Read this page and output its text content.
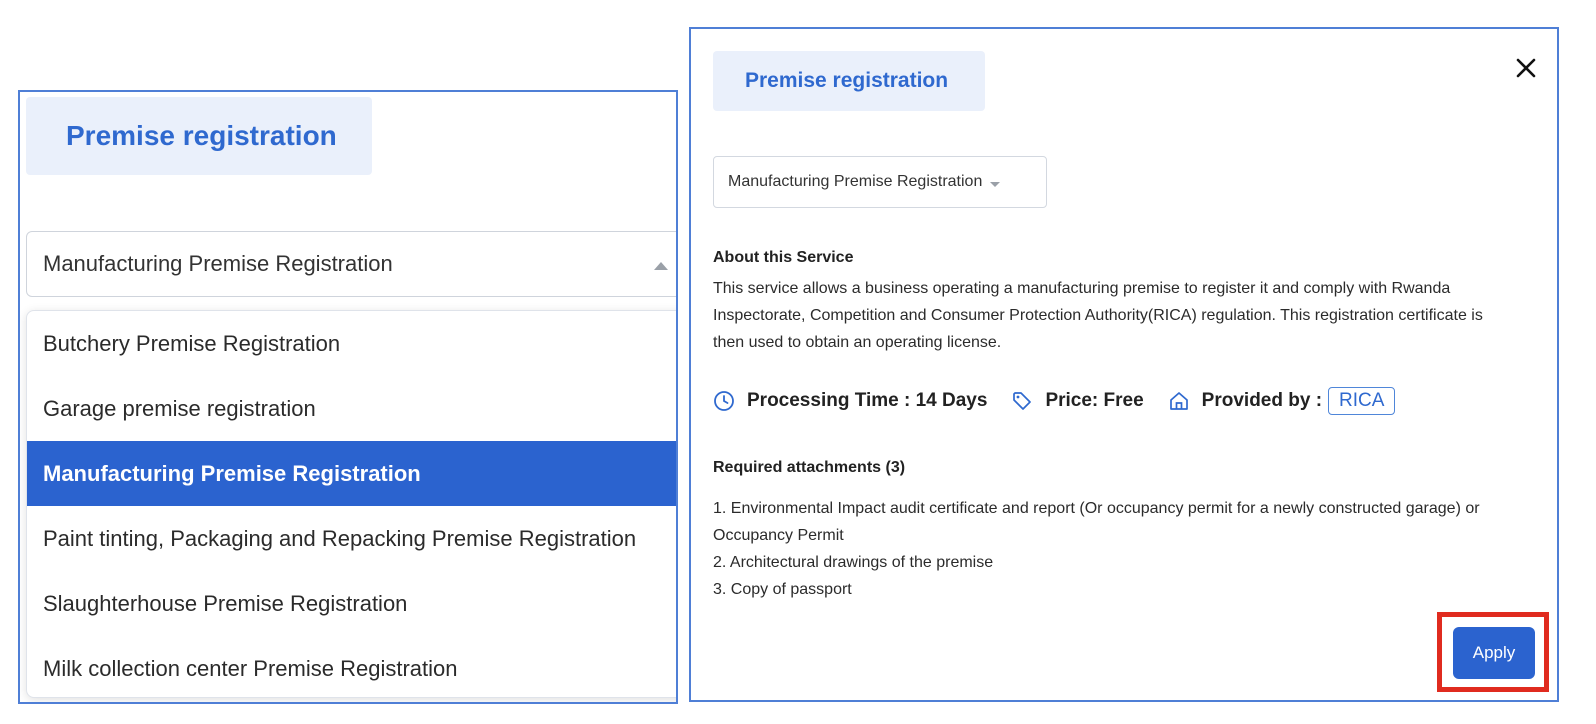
Premise registration
Manufacturing Premise Registration
Butchery Premise Registration
Garage premise registration
Manufacturing Premise Registration
Paint tinting, Packaging and Repacking Premise Registration
Slaughterhouse Premise Registration
Milk collection center Premise Registration
Premise registration
Manufacturing Premise Registration
About this Service
This service allows a business operating a manufacturing premise to register it and comply with Rwanda Inspectorate, Competition and Consumer Protection Authority(RICA) regulation. This registration certificate is then used to obtain an operating license.
Processing Time : 14 Days	Price: Free	Provided by : RICA
Required attachments (3)
1. Environmental Impact audit certificate and report (Or occupancy permit for a newly constructed garage) or Occupancy Permit
2. Architectural drawings of the premise
3. Copy of passport
Apply
